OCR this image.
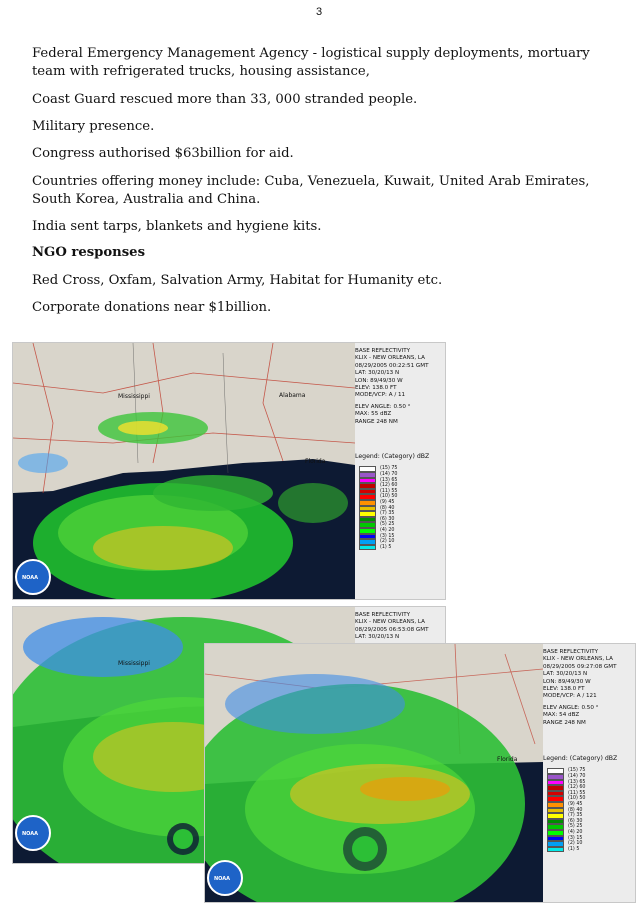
3

Federal Emergency Management Agency - logistical supply deployments, mortuary team with refrigerated trucks, housing assistance,

Coast Guard rescued more than 33, 000 stranded people.

Military presence.

Congress authorised $63billion for aid.

Countries offering money include: Cuba, Venezuela, Kuwait, United Arab Emirates, South Korea, Australia and China.

India sent tarps, blankets and hygiene kits.

NGO responses

Red Cross, Oxfam, Salvation Army, Habitat for Humanity etc.

Corporate donations near $1billion.

Mississippi	Alabama
Florida
NOAA
BASE REFLECTIVITY
KLIX - NEW ORLEANS, LA
08/29/2005 00:22:51 GMT
LAT: 30/20/13 N
LON: 89/49/30 W
ELEV: 138.0 FT
MODE/VCP: A / 11
ELEV ANGLE: 0.50 °
MAX: 55 dBZ
RANGE 248 NM
Legend: (Category) dBZ
(15) 75
(14) 70
(13) 65
(12) 60
(11) 55
(10) 50
(9) 45
(8) 40
(7) 35
(6) 30
(5) 25
(4) 20
(3) 15
(2) 10
(1) 5
Mississippi
NOAA
BASE REFLECTIVITY
KLIX - NEW ORLEANS, LA
08/29/2005 06:53:08 GMT
LAT: 30/20/13 N
Florida
NOAA
BASE REFLECTIVITY
KLIX - NEW ORLEANS, LA
08/29/2005 09:27:08 GMT
LAT: 30/20/13 N
LON: 89/49/30 W
ELEV: 138.0 FT
MODE/VCP: A / 121
ELEV ANGLE: 0.50 °
MAX: 54 dBZ
RANGE 248 NM
Legend: (Category) dBZ
(15) 75
(14) 70
(13) 65
(12) 60
(11) 55
(10) 50
(9) 45
(8) 40
(7) 35
(6) 30
(5) 25
(4) 20
(3) 15
(2) 10
(1) 5
